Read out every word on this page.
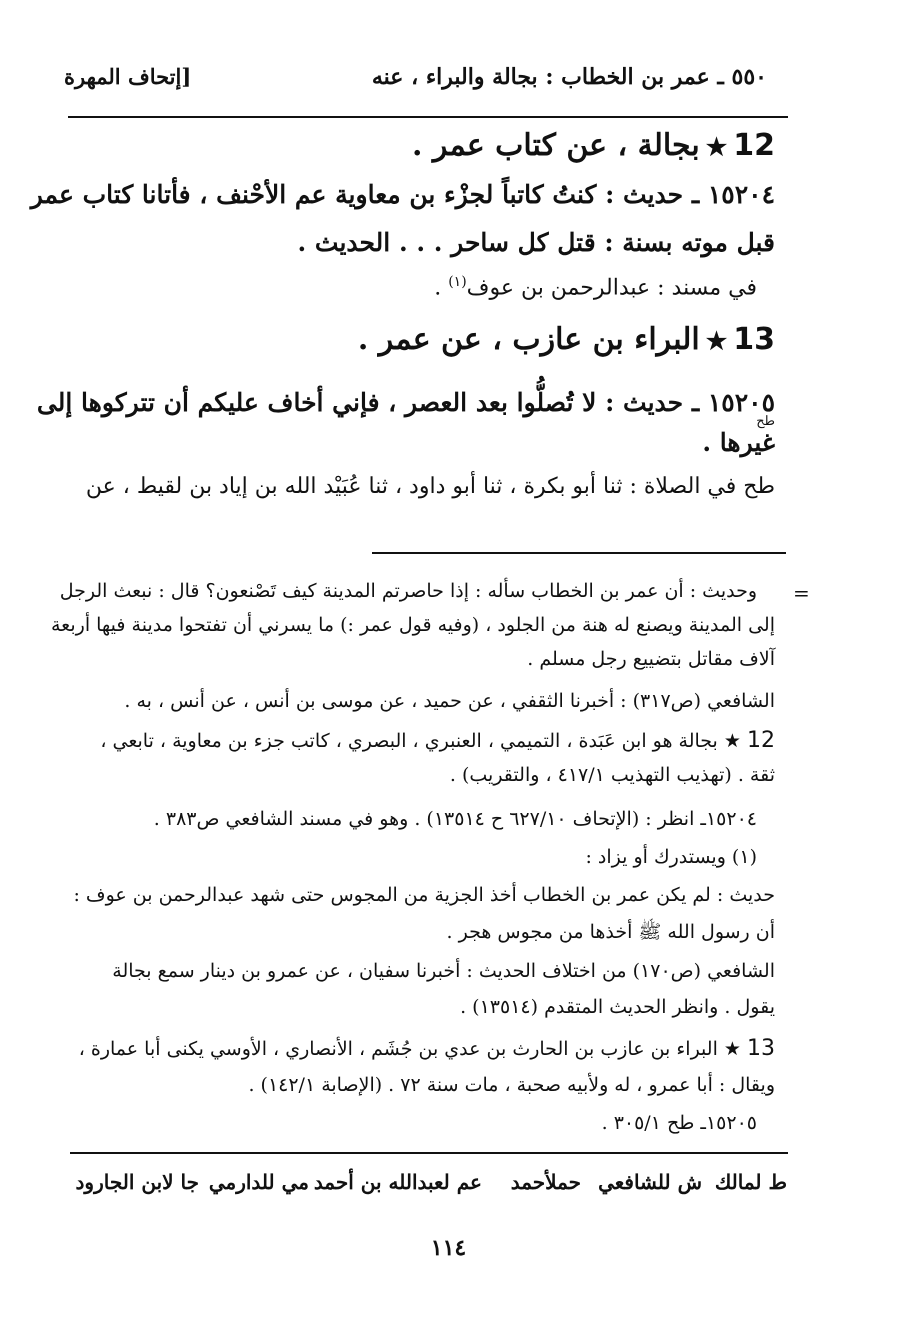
٥٥٠ ـ عمر بن الخطاب : بجالة والبراء ، عنه
[إتحاف المهرة
12★بجالة ، عن كتاب عمر .
١٥٢٠٤ ـ حديث : كنتُ كاتباً لجزْء بن معاوية عم الأحْنف ، فأتانا كتاب عمر
قبل موته بسنة : قتل كل ساحر . . . الحديث .
في مسند : عبدالرحمن بن عوف$^{(١)}$ .
13★البراء بن عازب ، عن عمر .
١٥٢٠٥ ـ حديث : لا تُصلُّوا بعد العصر ، فإني أخاف عليكم أن تتركوها إلى
طح
غيرها .
طح في الصلاة : ثنا أبو بكرة ، ثنا أبو داود ، ثنا عُبَيْد الله بن إياد بن لقيط ، عن
=
وحديث : أن عمر بن الخطاب سأله : إذا حاصرتم المدينة كيف تَصْنعون؟ قال : نبعث الرجل
إلى المدينة ويصنع له هنة من الجلود ، (وفيه قول عمر :) ما يسرني أن تفتحوا مدينة فيها أربعة
آلاف مقاتل بتضييع رجل مسلم .
الشافعي (ص٣١٧) : أخبرنا الثقفي ، عن حميد ، عن موسى بن أنس ، عن أنس ، به .
12 ★ بجالة هو ابن عَبَدة ، التميمي ، العنبري ، البصري ، كاتب جزء بن معاوية ، تابعي ،
ثقة . (تهذيب التهذيب ٤١٧/١ ، والتقريب) .
١٥٢٠٤ـ انظر : (الإتحاف ٦٢٧/١٠ ح ١٣٥١٤) . وهو في مسند الشافعي ص٣٨٣ .
(١) ويستدرك أو يزاد :
حديث : لم يكن عمر بن الخطاب أخذ الجزية من المجوس حتى شهد عبدالرحمن بن عوف :
أن رسول الله ﷺ أخذها من مجوس هجر .
الشافعي (ص١٧٠) من اختلاف الحديث : أخبرنا سفيان ، عن عمرو بن دينار سمع بجالة
يقول . وانظر الحديث المتقدم (١٣٥١٤) .
13 ★ البراء بن عازب بن الحارث بن عدي بن جُشَم ، الأنصاري ، الأوسي يكنى أبا عمارة ،
ويقال : أبا عمرو ، له ولأبيه صحبة ، مات سنة ٧٢ . (الإصابة ١٤٢/١) .
١٥٢٠٥ـ طح ٣٠٥/١ .
ط لمالك
ش للشافعي
حملأحمد
عم لعبدالله بن أحمد
مي للدارمي
جا لابن الجارود
١١٤
